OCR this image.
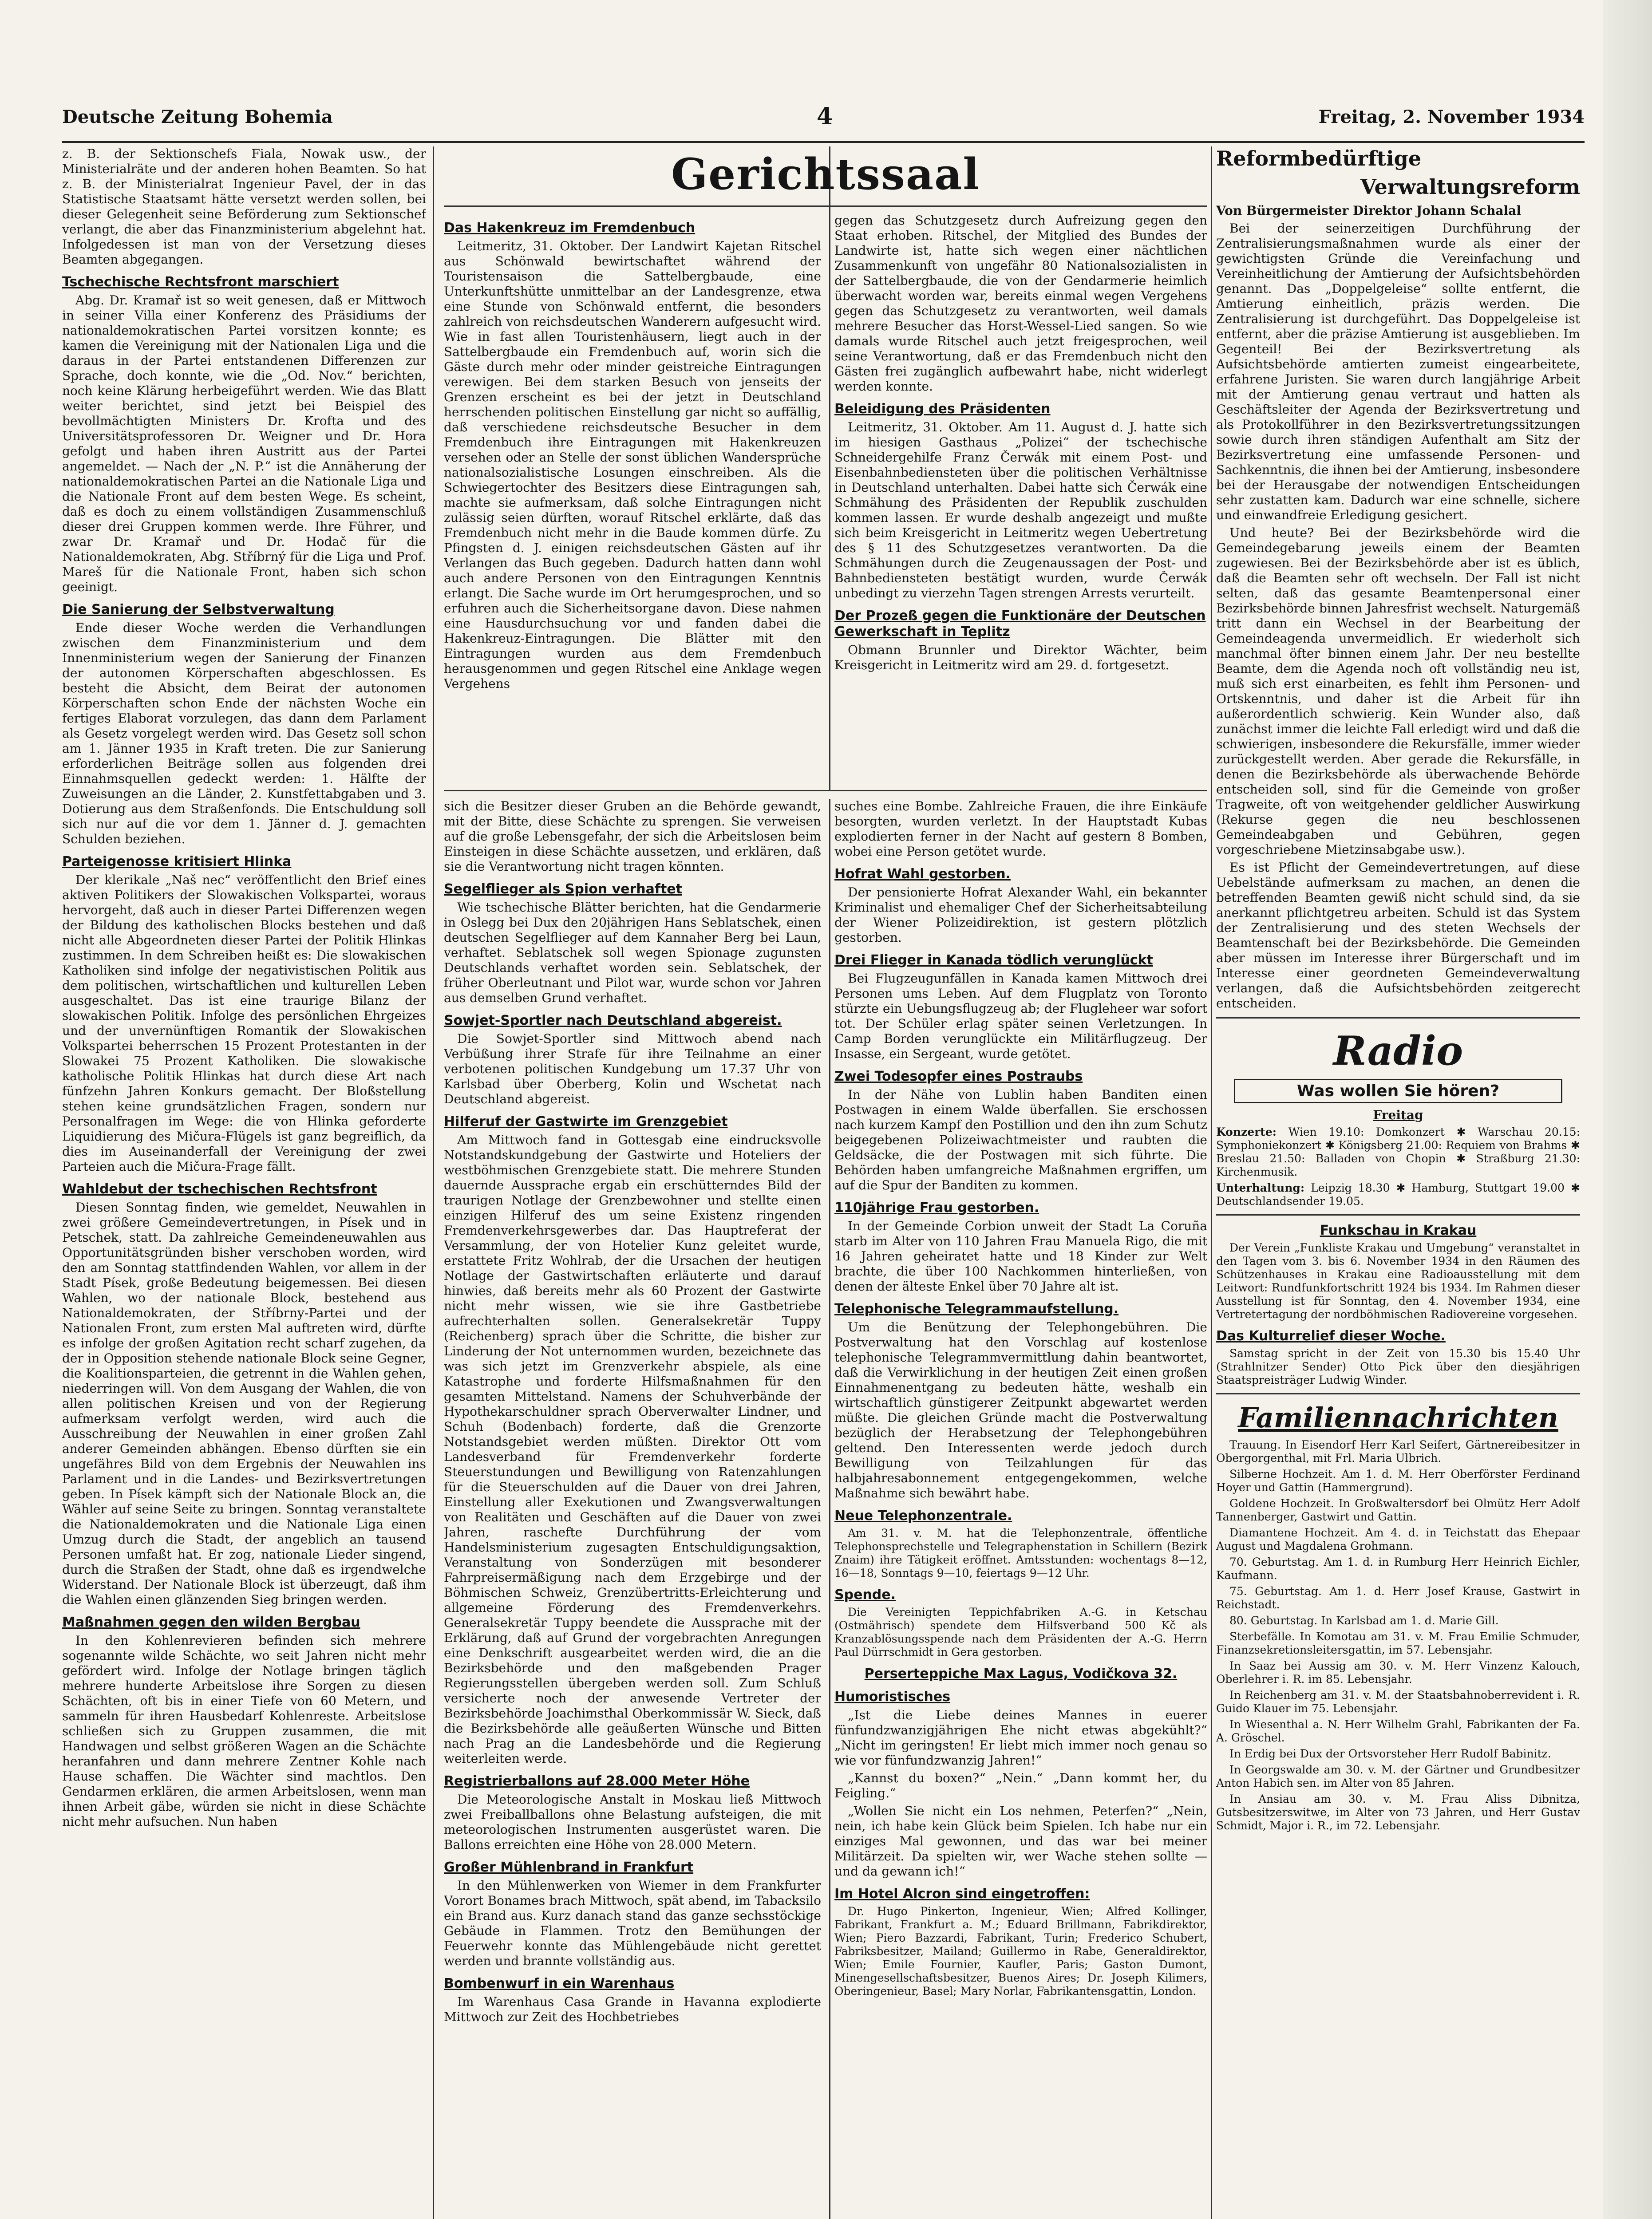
Deutsche Zeitung Bohemia	4	Freitag, 2. November 1934

z. B. der Sektionschefs Fiala, Nowak usw., der Ministerialräte und der anderen hohen Beamten. So hat z. B. der Ministerialrat Ingenieur Pavel, der in das Statistische Staatsamt hätte versetzt werden sollen, bei dieser Gelegenheit seine Beförderung zum Sektionschef verlangt, die aber das Finanzministerium abgelehnt hat. Infolgedessen ist man von der Versetzung dieses Beamten abgegangen.

Tschechische Rechtsfront marschiert

Abg. Dr. Kramař ist so weit genesen, daß er Mittwoch in seiner Villa einer Konferenz des Präsidiums der nationaldemokratischen Partei vorsitzen konnte; es kamen die Vereinigung mit der Nationalen Liga und die daraus in der Partei entstandenen Differenzen zur Sprache, doch konnte, wie die „Od. Nov.“ berichten, noch keine Klärung herbeigeführt werden. Wie das Blatt weiter berichtet, sind jetzt bei Beispiel des bevollmächtigten Ministers Dr. Krofta und des Universitätsprofessoren Dr. Weigner und Dr. Hora gefolgt und haben ihren Austritt aus der Partei angemeldet. — Nach der „N. P.“ ist die Annäherung der nationaldemokratischen Partei an die Nationale Liga und die Nationale Front auf dem besten Wege. Es scheint, daß es doch zu einem vollständigen Zusammenschluß dieser drei Gruppen kommen werde. Ihre Führer, und zwar Dr. Kramař und Dr. Hodač für die Nationaldemokraten, Abg. Stříbrný für die Liga und Prof. Mareš für die Nationale Front, haben sich schon geeinigt.

Die Sanierung der Selbstverwaltung

Ende dieser Woche werden die Verhandlungen zwischen dem Finanzministerium und dem Innenministerium wegen der Sanierung der Finanzen der autonomen Körperschaften abgeschlossen. Es besteht die Absicht, dem Beirat der autonomen Körperschaften schon Ende der nächsten Woche ein fertiges Elaborat vorzulegen, das dann dem Parlament als Gesetz vorgelegt werden wird. Das Gesetz soll schon am 1. Jänner 1935 in Kraft treten. Die zur Sanierung erforderlichen Beiträge sollen aus folgenden drei Einnahmsquellen gedeckt werden: 1. Hälfte der Zuweisungen an die Länder, 2. Kunstfettabgaben und 3. Dotierung aus dem Straßenfonds. Die Entschuldung soll sich nur auf die vor dem 1. Jänner d. J. gemachten Schulden beziehen.

Parteigenosse kritisiert Hlinka

Der klerikale „Naš nec“ veröffentlicht den Brief eines aktiven Politikers der Slowakischen Volkspartei, woraus hervorgeht, daß auch in dieser Partei Differenzen wegen der Bildung des katholischen Blocks bestehen und daß nicht alle Abgeordneten dieser Partei der Politik Hlinkas zustimmen. In dem Schreiben heißt es: Die slowakischen Katholiken sind infolge der negativistischen Politik aus dem politischen, wirtschaftlichen und kulturellen Leben ausgeschaltet. Das ist eine traurige Bilanz der slowakischen Politik. Infolge des persönlichen Ehrgeizes und der unvernünftigen Romantik der Slowakischen Volkspartei beherrschen 15 Prozent Protestanten in der Slowakei 75 Prozent Katholiken. Die slowakische katholische Politik Hlinkas hat durch diese Art nach fünfzehn Jahren Konkurs gemacht. Der Bloßstellung stehen keine grundsätzlichen Fragen, sondern nur Personalfragen im Wege: die von Hlinka geforderte Liquidierung des Mičura-Flügels ist ganz begreiflich, da dies im Auseinanderfall der Vereinigung der zwei Parteien auch die Mičura-Frage fällt.

Wahldebut der tschechischen Rechtsfront

Diesen Sonntag finden, wie gemeldet, Neuwahlen in zwei größere Gemeindevertretungen, in Písek und in Petschek, statt. Da zahlreiche Gemeindeneuwahlen aus Opportunitätsgründen bisher verschoben worden, wird den am Sonntag stattfindenden Wahlen, vor allem in der Stadt Písek, große Bedeutung beigemessen. Bei diesen Wahlen, wo der nationale Block, bestehend aus Nationaldemokraten, der Stříbrny-Partei und der Nationalen Front, zum ersten Mal auftreten wird, dürfte es infolge der großen Agitation recht scharf zugehen, da der in Opposition stehende nationale Block seine Gegner, die Koalitionsparteien, die getrennt in die Wahlen gehen, niederringen will. Von dem Ausgang der Wahlen, die von allen politischen Kreisen und von der Regierung aufmerksam verfolgt werden, wird auch die Ausschreibung der Neuwahlen in einer großen Zahl anderer Gemeinden abhängen. Ebenso dürften sie ein ungefähres Bild von dem Ergebnis der Neuwahlen ins Parlament und in die Landes- und Bezirksvertretungen geben. In Písek kämpft sich der Nationale Block an, die Wähler auf seine Seite zu bringen. Sonntag veranstaltete die Nationaldemokraten und die Nationale Liga einen Umzug durch die Stadt, der angeblich an tausend Personen umfaßt hat. Er zog, nationale Lieder singend, durch die Straßen der Stadt, ohne daß es irgendwelche Widerstand. Der Nationale Block ist überzeugt, daß ihm die Wahlen einen glänzenden Sieg bringen werden.

Maßnahmen gegen den wilden Bergbau

In den Kohlenrevieren befinden sich mehrere sogenannte wilde Schächte, wo seit Jahren nicht mehr gefördert wird. Infolge der Notlage bringen täglich mehrere hunderte Arbeitslose ihre Sorgen zu diesen Schächten, oft bis in einer Tiefe von 60 Metern, und sammeln für ihren Hausbedarf Kohlenreste. Arbeitslose schließen sich zu Gruppen zusammen, die mit Handwagen und selbst größeren Wagen an die Schächte heranfahren und dann mehrere Zentner Kohle nach Hause schaffen. Die Wächter sind machtlos. Den Gendarmen erklären, die armen Arbeitslosen, wenn man ihnen Arbeit gäbe, würden sie nicht in diese Schächte nicht mehr aufsuchen. Nun haben

Gerichtssaal
Das Hakenkreuz im Fremdenbuch

Leitmeritz, 31. Oktober. Der Landwirt Kajetan Ritschel aus Schönwald bewirtschaftet während der Touristensaison die Sattelbergbaude, eine Unterkunftshütte unmittelbar an der Landesgrenze, etwa eine Stunde von Schönwald entfernt, die besonders zahlreich von reichsdeutschen Wanderern aufgesucht wird. Wie in fast allen Touristenhäusern, liegt auch in der Sattelbergbaude ein Fremdenbuch auf, worin sich die Gäste durch mehr oder minder geistreiche Eintragungen verewigen. Bei dem starken Besuch von jenseits der Grenzen erscheint es bei der jetzt in Deutschland herrschenden politischen Einstellung gar nicht so auffällig, daß verschiedene reichsdeutsche Besucher in dem Fremdenbuch ihre Eintragungen mit Hakenkreuzen versehen oder an Stelle der sonst üblichen Wandersprüche nationalsozialistische Losungen einschreiben. Als die Schwiegertochter des Besitzers diese Eintragungen sah, machte sie aufmerksam, daß solche Eintragungen nicht zulässig seien dürften, worauf Ritschel erklärte, daß das Fremdenbuch nicht mehr in die Baude kommen dürfe. Zu Pfingsten d. J. einigen reichsdeutschen Gästen auf ihr Verlangen das Buch gegeben. Dadurch hatten dann wohl auch andere Personen von den Eintragungen Kenntnis erlangt. Die Sache wurde im Ort herumgesprochen, und so erfuhren auch die Sicherheitsorgane davon. Diese nahmen eine Hausdurchsuchung vor und fanden dabei die Hakenkreuz-Eintragungen. Die Blätter mit den Eintragungen wurden aus dem Fremdenbuch herausgenommen und gegen Ritschel eine Anklage wegen Vergehens

gegen das Schutzgesetz durch Aufreizung gegen den Staat erhoben. Ritschel, der Mitglied des Bundes der Landwirte ist, hatte sich wegen einer nächtlichen Zusammenkunft von ungefähr 80 Nationalsozialisten in der Sattelbergbaude, die von der Gendarmerie heimlich überwacht worden war, bereits einmal wegen Vergehens gegen das Schutzgesetz zu verantworten, weil damals mehrere Besucher das Horst-Wessel-Lied sangen. So wie damals wurde Ritschel auch jetzt freigesprochen, weil seine Verantwortung, daß er das Fremdenbuch nicht den Gästen frei zugänglich aufbewahrt habe, nicht widerlegt werden konnte.

Beleidigung des Präsidenten

Leitmeritz, 31. Oktober. Am 11. August d. J. hatte sich im hiesigen Gasthaus „Polizei“ der tschechische Schneidergehilfe Franz Čerwák mit einem Post- und Eisenbahnbediensteten über die politischen Verhältnisse in Deutschland unterhalten. Dabei hatte sich Čerwák eine Schmähung des Präsidenten der Republik zuschulden kommen lassen. Er wurde deshalb angezeigt und mußte sich beim Kreisgericht in Leitmeritz wegen Uebertretung des § 11 des Schutzgesetzes verantworten. Da die Schmähungen durch die Zeugenaussagen der Post- und Bahnbediensteten bestätigt wurden, wurde Čerwák unbedingt zu vierzehn Tagen strengen Arrests verurteilt.

Der Prozeß gegen die Funktionäre der Deutschen Gewerkschaft in Teplitz

Obmann Brunnler und Direktor Wächter, beim Kreisgericht in Leitmeritz wird am 29. d. fortgesetzt.

sich die Besitzer dieser Gruben an die Behörde gewandt, mit der Bitte, diese Schächte zu sprengen. Sie verweisen auf die große Lebensgefahr, der sich die Arbeitslosen beim Einsteigen in diese Schächte aussetzen, und erklären, daß sie die Verantwortung nicht tragen könnten.

Segelflieger als Spion verhaftet

Wie tschechische Blätter berichten, hat die Gendarmerie in Oslegg bei Dux den 20jährigen Hans Seblatschek, einen deutschen Segelflieger auf dem Kannaher Berg bei Laun, verhaftet. Seblatschek soll wegen Spionage zugunsten Deutschlands verhaftet worden sein. Seblatschek, der früher Oberleutnant und Pilot war, wurde schon vor Jahren aus demselben Grund verhaftet.

Sowjet-Sportler nach Deutschland abgereist.

Die Sowjet-Sportler sind Mittwoch abend nach Verbüßung ihrer Strafe für ihre Teilnahme an einer verbotenen politischen Kundgebung um 17.37 Uhr von Karlsbad über Oberberg, Kolin und Wschetat nach Deutschland abgereist.

Hilferuf der Gastwirte im Grenzgebiet

Am Mittwoch fand in Gottesgab eine eindrucksvolle Notstandskundgebung der Gastwirte und Hoteliers der westböhmischen Grenzgebiete statt. Die mehrere Stunden dauernde Aussprache ergab ein erschütterndes Bild der traurigen Notlage der Grenzbewohner und stellte einen einzigen Hilferuf des um seine Existenz ringenden Fremdenverkehrsgewerbes dar. Das Hauptreferat der Versammlung, der von Hotelier Kunz geleitet wurde, erstattete Fritz Wohlrab, der die Ursachen der heutigen Notlage der Gastwirtschaften erläuterte und darauf hinwies, daß bereits mehr als 60 Prozent der Gastwirte nicht mehr wissen, wie sie ihre Gastbetriebe aufrechterhalten sollen. Generalsekretär Tuppy (Reichenberg) sprach über die Schritte, die bisher zur Linderung der Not unternommen wurden, bezeichnete das was sich jetzt im Grenzverkehr abspiele, als eine Katastrophe und forderte Hilfsmaßnahmen für den gesamten Mittelstand. Namens der Schuhverbände der Hypothekarschuldner sprach Oberverwalter Lindner, und Schuh (Bodenbach) forderte, daß die Grenzorte Notstandsgebiet werden müßten. Direktor Ott vom Landesverband für Fremdenverkehr forderte Steuerstundungen und Bewilligung von Ratenzahlungen für die Steuerschulden auf die Dauer von drei Jahren, Einstellung aller Exekutionen und Zwangsverwaltungen von Realitäten und Geschäften auf die Dauer von zwei Jahren, raschefte Durchführung der vom Handelsministerium zugesagten Entschuldigungsaktion, Veranstaltung von Sonderzügen mit besonderer Fahrpreisermäßigung nach dem Erzgebirge und der Böhmischen Schweiz, Grenzübertritts-Erleichterung und allgemeine Förderung des Fremdenverkehrs. Generalsekretär Tuppy beendete die Aussprache mit der Erklärung, daß auf Grund der vorgebrachten Anregungen eine Denkschrift ausgearbeitet werden wird, die an die Bezirksbehörde und den maßgebenden Prager Regierungsstellen übergeben werden soll. Zum Schluß versicherte noch der anwesende Vertreter der Bezirksbehörde Joachimsthal Oberkommissär W. Sieck, daß die Bezirksbehörde alle geäußerten Wünsche und Bitten nach Prag an die Landesbehörde und die Regierung weiterleiten werde.

Registrierballons auf 28.000 Meter Höhe

Die Meteorologische Anstalt in Moskau ließ Mittwoch zwei Freiballballons ohne Belastung aufsteigen, die mit meteorologischen Instrumenten ausgerüstet waren. Die Ballons erreichten eine Höhe von 28.000 Metern.

Großer Mühlenbrand in Frankfurt

In den Mühlenwerken von Wiemer in dem Frankfurter Vorort Bonames brach Mittwoch, spät abend, im Tabacksilo ein Brand aus. Kurz danach stand das ganze sechsstöckige Gebäude in Flammen. Trotz den Bemühungen der Feuerwehr konnte das Mühlengebäude nicht gerettet werden und brannte vollständig aus.

Bombenwurf in ein Warenhaus

Im Warenhaus Casa Grande in Havanna explodierte Mittwoch zur Zeit des Hochbetriebes

suches eine Bombe. Zahlreiche Frauen, die ihre Einkäufe besorgten, wurden verletzt. In der Hauptstadt Kubas explodierten ferner in der Nacht auf gestern 8 Bomben, wobei eine Person getötet wurde.

Hofrat Wahl gestorben.

Der pensionierte Hofrat Alexander Wahl, ein bekannter Kriminalist und ehemaliger Chef der Sicherheitsabteilung der Wiener Polizeidirektion, ist gestern plötzlich gestorben.

Drei Flieger in Kanada tödlich verunglückt

Bei Flugzeugunfällen in Kanada kamen Mittwoch drei Personen ums Leben. Auf dem Flugplatz von Toronto stürzte ein Uebungsflugzeug ab; der Flugleheer war sofort tot. Der Schüler erlag später seinen Verletzungen. In Camp Borden verunglückte ein Militärflugzeug. Der Insasse, ein Sergeant, wurde getötet.

Zwei Todesopfer eines Postraubs

In der Nähe von Lublin haben Banditen einen Postwagen in einem Walde überfallen. Sie erschossen nach kurzem Kampf den Postillion und den ihn zum Schutz beigegebenen Polizeiwachtmeister und raubten die Geldsäcke, die der Postwagen mit sich führte. Die Behörden haben umfangreiche Maßnahmen ergriffen, um auf die Spur der Banditen zu kommen.

110jährige Frau gestorben.

In der Gemeinde Corbion unweit der Stadt La Coruña starb im Alter von 110 Jahren Frau Manuela Rigo, die mit 16 Jahren geheiratet hatte und 18 Kinder zur Welt brachte, die über 100 Nachkommen hinterließen, von denen der älteste Enkel über 70 Jahre alt ist.

Telephonische Telegrammaufstellung.

Um die Benützung der Telephongebühren. Die Postverwaltung hat den Vorschlag auf kostenlose telephonische Telegrammvermittlung dahin beantwortet, daß die Verwirklichung in der heutigen Zeit einen großen Einnahmenentgang zu bedeuten hätte, weshalb ein wirtschaftlich günstigerer Zeitpunkt abgewartet werden müßte. Die gleichen Gründe macht die Postverwaltung bezüglich der Herabsetzung der Telephongebühren geltend. Den Interessenten werde jedoch durch Bewilligung von Teilzahlungen für das halbjahresabonnement entgegengekommen, welche Maßnahme sich bewährt habe.

Neue Telephonzentrale.

Am 31. v. M. hat die Telephonzentrale, öffentliche Telephonsprechstelle und Telegraphenstation in Schillern (Bezirk Znaim) ihre Tätigkeit eröffnet. Amtsstunden: wochentags 8—12, 16—18, Sonntags 9—10, feiertags 9—12 Uhr.

Spende.

Die Vereinigten Teppichfabriken A.-G. in Ketschau (Ostmährisch) spendete dem Hilfsverband 500 Kč als Kranzablösungsspende nach dem Präsidenten der A.-G. Herrn Paul Dürrschmidt in Gera gestorben.

Perserteppiche Max Lagus, Vodičkova 32.
Humoristisches

„Ist die Liebe deines Mannes in euerer fünfundzwanzigjährigen Ehe nicht etwas abgekühlt?“ „Nicht im geringsten! Er liebt mich immer noch genau so wie vor fünfundzwanzig Jahren!“

„Kannst du boxen?“ „Nein.“ „Dann kommt her, du Feigling.“

„Wollen Sie nicht ein Los nehmen, Peterfen?“ „Nein, nein, ich habe kein Glück beim Spielen. Ich habe nur ein einziges Mal gewonnen, und das war bei meiner Militärzeit. Da spielten wir, wer Wache stehen sollte — und da gewann ich!“

Im Hotel Alcron sind eingetroffen:

Dr. Hugo Pinkerton, Ingenieur, Wien; Alfred Kollinger, Fabrikant, Frankfurt a. M.; Eduard Brillmann, Fabrikdirektor, Wien; Piero Bazzardi, Fabrikant, Turin; Frederico Schubert, Fabriksbesitzer, Mailand; Guillermo in Rabe, Generaldirektor, Wien; Emile Fournier, Kaufler, Paris; Gaston Dumont, Minengesellschaftsbesitzer, Buenos Aires; Dr. Joseph Kilimers, Oberingenieur, Basel; Mary Norlar, Fabrikantensgattin, London.

Reformbedürftige
Verwaltungsreform

Von Bürgermeister Direktor Johann Schalal

Bei der seinerzeitigen Durchführung der Zentralisierungsmaßnahmen wurde als einer der gewichtigsten Gründe die Vereinfachung und Vereinheitlichung der Amtierung der Aufsichtsbehörden genannt. Das „Doppelgeleise“ sollte entfernt, die Amtierung einheitlich, präzis werden. Die Zentralisierung ist durchgeführt. Das Doppelgeleise ist entfernt, aber die präzise Amtierung ist ausgeblieben. Im Gegenteil! Bei der Bezirksvertretung als Aufsichtsbehörde amtierten zumeist eingearbeitete, erfahrene Juristen. Sie waren durch langjährige Arbeit mit der Amtierung genau vertraut und hatten als Geschäftsleiter der Agenda der Bezirksvertretung und als Protokollführer in den Bezirksvertretungssitzungen sowie durch ihren ständigen Aufenthalt am Sitz der Bezirksvertretung eine umfassende Personen- und Sachkenntnis, die ihnen bei der Amtierung, insbesondere bei der Herausgabe der notwendigen Entscheidungen sehr zustatten kam. Dadurch war eine schnelle, sichere und einwandfreie Erledigung gesichert.

Und heute? Bei der Bezirksbehörde wird die Gemeindegebarung jeweils einem der Beamten zugewiesen. Bei der Bezirksbehörde aber ist es üblich, daß die Beamten sehr oft wechseln. Der Fall ist nicht selten, daß das gesamte Beamtenpersonal einer Bezirksbehörde binnen Jahresfrist wechselt. Naturgemäß tritt dann ein Wechsel in der Bearbeitung der Gemeindeagenda unvermeidlich. Er wiederholt sich manchmal öfter binnen einem Jahr. Der neu bestellte Beamte, dem die Agenda noch oft vollständig neu ist, muß sich erst einarbeiten, es fehlt ihm Personen- und Ortskenntnis, und daher ist die Arbeit für ihn außerordentlich schwierig. Kein Wunder also, daß zunächst immer die leichte Fall erledigt wird und daß die schwierigen, insbesondere die Rekursfälle, immer wieder zurückgestellt werden. Aber gerade die Rekursfälle, in denen die Bezirksbehörde als überwachende Behörde entscheiden soll, sind für die Gemeinde von großer Tragweite, oft von weitgehender geldlicher Auswirkung (Rekurse gegen die neu beschlossenen Gemeindeabgaben und Gebühren, gegen vorgeschriebene Mietzinsabgabe usw.).

Es ist Pflicht der Gemeindevertretungen, auf diese Uebelstände aufmerksam zu machen, an denen die betreffenden Beamten gewiß nicht schuld sind, da sie anerkannt pflichtgetreu arbeiten. Schuld ist das System der Zentralisierung und des steten Wechsels der Beamtenschaft bei der Bezirksbehörde. Die Gemeinden aber müssen im Interesse ihrer Bürgerschaft und im Interesse einer geordneten Gemeindeverwaltung verlangen, daß die Aufsichtsbehörden zeitgerecht entscheiden.

Radio
Was wollen Sie hören?

Freitag

Konzerte: Wien 19.10: Domkonzert ✱ Warschau 20.15: Symphoniekonzert ✱ Königsberg 21.00: Requiem von Brahms ✱ Breslau 21.50: Balladen von Chopin ✱ Straßburg 21.30: Kirchenmusik.

Unterhaltung: Leipzig 18.30 ✱ Hamburg, Stuttgart 19.00 ✱ Deutschlandsender 19.05.

Funkschau in Krakau

Der Verein „Funkliste Krakau und Umgebung“ veranstaltet in den Tagen vom 3. bis 6. November 1934 in den Räumen des Schützenhauses in Krakau eine Radioausstellung mit dem Leitwort: Rundfunkfortschritt 1924 bis 1934. Im Rahmen dieser Ausstellung ist für Sonntag, den 4. November 1934, eine Vertretertagung der nordböhmischen Radiovereine vorgesehen.

Das Kulturrelief dieser Woche.

Samstag spricht in der Zeit von 15.30 bis 15.40 Uhr (Strahlnitzer Sender) Otto Pick über den diesjährigen Staatspreisträger Ludwig Winder.

Familiennachrichten

Trauung. In Eisendorf Herr Karl Seifert, Gärtnereibesitzer in Obergorgenthal, mit Frl. Maria Ulbrich.

Silberne Hochzeit. Am 1. d. M. Herr Oberförster Ferdinand Hoyer und Gattin (Hammergrund).

Goldene Hochzeit. In Großwaltersdorf bei Olmütz Herr Adolf Tannenberger, Gastwirt und Gattin.

Diamantene Hochzeit. Am 4. d. in Teichstatt das Ehepaar August und Magdalena Grohmann.

70. Geburtstag. Am 1. d. in Rumburg Herr Heinrich Eichler, Kaufmann.

75. Geburtstag. Am 1. d. Herr Josef Krause, Gastwirt in Reichstadt.

80. Geburtstag. In Karlsbad am 1. d. Marie Gill.

Sterbefälle. In Komotau am 31. v. M. Frau Emilie Schmuder, Finanzsekretionsleitersgattin, im 57. Lebensjahr.

In Saaz bei Aussig am 30. v. M. Herr Vinzenz Kalouch, Oberlehrer i. R. im 85. Lebensjahr.

In Reichenberg am 31. v. M. der Staatsbahnoberrevident i. R. Guido Klauer im 75. Lebensjahr.

In Wiesenthal a. N. Herr Wilhelm Grahl, Fabrikanten der Fa. A. Gröschel.

In Erdig bei Dux der Ortsvorsteher Herr Rudolf Babinitz.

In Georgswalde am 30. v. M. der Gärtner und Grundbesitzer Anton Habich sen. im Alter von 85 Jahren.

In Ansiau am 30. v. M. Frau Aliss Dibnitza, Gutsbesitzerswitwe, im Alter von 73 Jahren, und Herr Gustav Schmidt, Major i. R., im 72. Lebensjahr.
